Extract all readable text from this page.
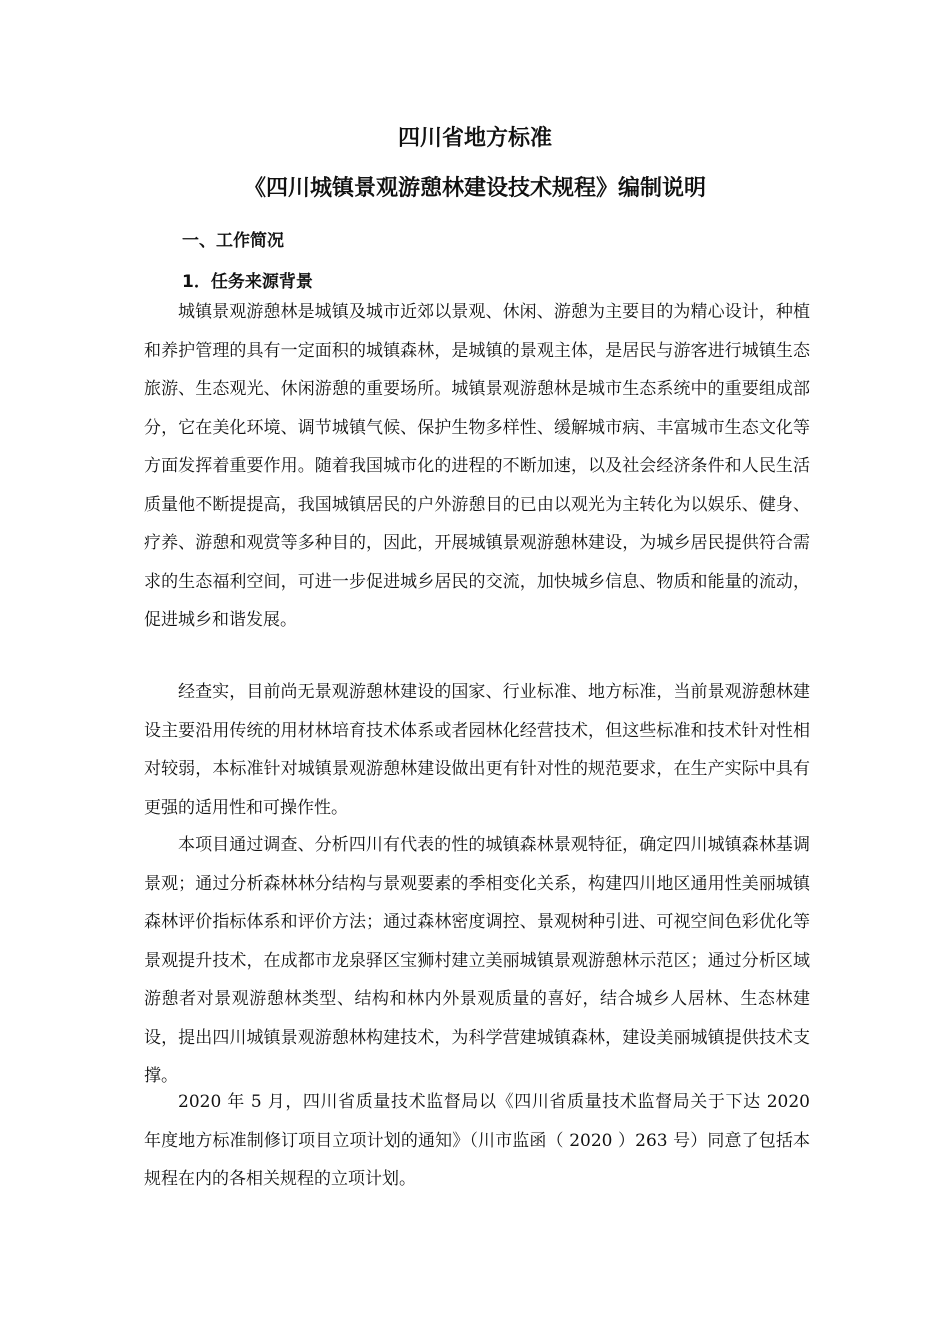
四川省地方标准
《四川城镇景观游憩林建设技术规程》编制说明
一、工作简况
1．任务来源背景

城镇景观游憩林是城镇及城市近郊以景观、休闲、游憩为主要目的为精心设计，种植和养护管理的具有一定面积的城镇森林，是城镇的景观主体，是居民与游客进行城镇生态旅游、生态观光、休闲游憩的重要场所。城镇景观游憩林是城市生态系统中的重要组成部分，它在美化环境、调节城镇气候、保护生物多样性、缓解城市病、丰富城市生态文化等方面发挥着重要作用。随着我国城市化的进程的不断加速，以及社会经济条件和人民生活质量他不断提提高，我国城镇居民的户外游憩目的已由以观光为主转化为以娱乐、健身、疗养、游憩和观赏等多种目的，因此，开展城镇景观游憩林建设，为城乡居民提供符合需求的生态福利空间，可进一步促进城乡居民的交流，加快城乡信息、物质和能量的流动，促进城乡和谐发展。

经查实，目前尚无景观游憩林建设的国家、行业标准、地方标准，当前景观游憩林建设主要沿用传统的用材林培育技术体系或者园林化经营技术，但这些标准和技术针对性相对较弱，本标准针对城镇景观游憩林建设做出更有针对性的规范要求，在生产实际中具有更强的适用性和可操作性。

本项目通过调查、分析四川有代表的性的城镇森林景观特征，确定四川城镇森林基调景观；通过分析森林林分结构与景观要素的季相变化关系，构建四川地区通用性美丽城镇森林评价指标体系和评价方法；通过森林密度调控、景观树种引进、可视空间色彩优化等景观提升技术，在成都市龙泉驿区宝狮村建立美丽城镇景观游憩林示范区；通过分析区域游憩者对景观游憩林类型、结构和林内外景观质量的喜好，结合城乡人居林、生态林建设，提出四川城镇景观游憩林构建技术，为科学营建城镇森林，建设美丽城镇提供技术支撑。

2020 年 5 月，四川省质量技术监督局以《四川省质量技术监督局关于下达 2020 年度地方标准制修订项目立项计划的通知》（川市监函（ 2020 ）263 号）同意了包括本规程在内的各相关规程的立项计划。
